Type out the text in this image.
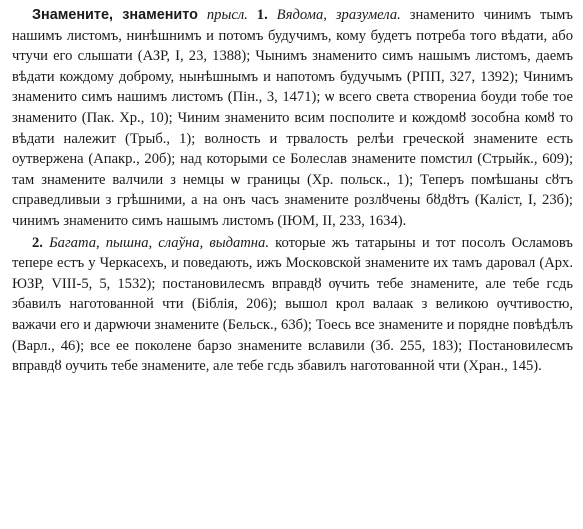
Знамените, знаменито прысл. 1. Вядома, зразумела. знаменито чинимъ тымъ нашимъ листомъ, нинѣшнимъ и потомъ будучимъ, кому будетъ потреба того вѣдати, або чтучи его слышати (АЗР, I, 23, 1388); Чынимъ знаменито симъ нашымъ листомъ, даемъ вѣдати кождому доброму, нынѣшнымъ и напотомъ будучымъ (РПП, 327, 1392); Чинимъ знаменито симъ нашимъ листомъ (Пін., 3, 1471); ѡ всего света створениа боуди тобе тое знаменито (Пак. Хр., 10); Чиним знаменито всим посполите и кождомȣ зособна комȣ то вѣдати належит (Трыб., 1); волность и трвалость релѣи греческой знамените есть оутвержена (Апакр., 20б); над которыми се Болеслав знамените помстил (Стрыйк., 609); там знамените валчили з немцы ѡ границы (Хр. польск., 1); Теперъ помѣшаны сȣтъ справедливыи з грѣшними, а на онъ часъ знамените розлȣчены бȣдȣтъ (Каліст, I, 23б); чинимъ знаменито симъ нашымъ листомъ (ІЮМ, II, 233, 1634).

2. Багата, пышна, слаўна, выдатна. которые жъ татарыны и тот посолъ Осламовъ тепере естъ у Черкасехъ, и поведають, ижъ Московской знамените их тамъ даровал (Арх. ЮЗР, VIII-5, 5, 1532); постановилесмъ вправдȣ ѹчить тебе знамените, але тебе гсдь збавилъ наготованной чти (Біблія, 206); вышол крол валаак з великою ѹчтивостю, важачи его и дарѡючи знамените (Бельск., 63б); Тоесь все знамените и порядне повѣдѣлъ (Варл., 46); все ее поколене барзо знамените вславили (Зб. 255, 183); Постановилесмъ вправдȣ оучить тебе знамените, але тебе гсдь збавилъ наготованной чти (Хран., 145).
